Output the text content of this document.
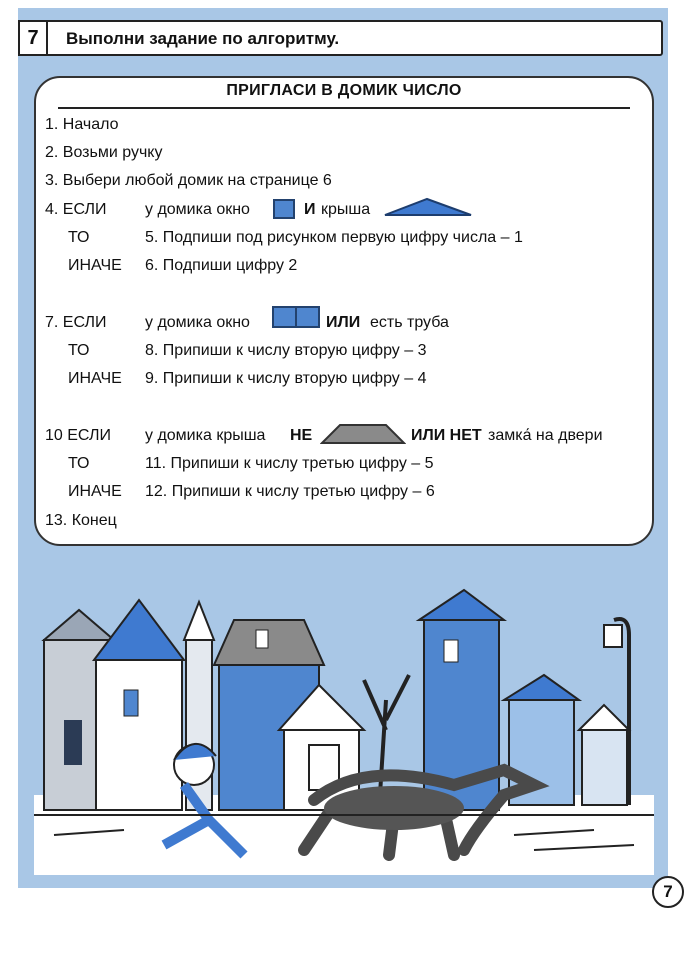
7	Выполни задание по алгоритму.
ПРИГЛАСИ В ДОМИК ЧИСЛО
1. Начало
2. Возьми ручку
3. Выбери любой домик на странице 6
4. ЕСЛИ у домика окно	И крыша
ТО	5. Подпиши под рисунком первую цифру числа – 1
ИНАЧЕ 6. Подпиши цифру 2
7. ЕСЛИ у домика окно	ИЛИ есть труба
ТО	8. Припиши к числу вторую цифру – 3
ИНАЧЕ 9. Припиши к числу вторую цифру – 4
10 ЕСЛИ у домика крыша НЕ	ИЛИ НЕТ замка́ на двери
ТО	11. Припиши к числу третью цифру – 5
ИНАЧЕ 12. Припиши к числу третью цифру – 6
13. Конец
7
